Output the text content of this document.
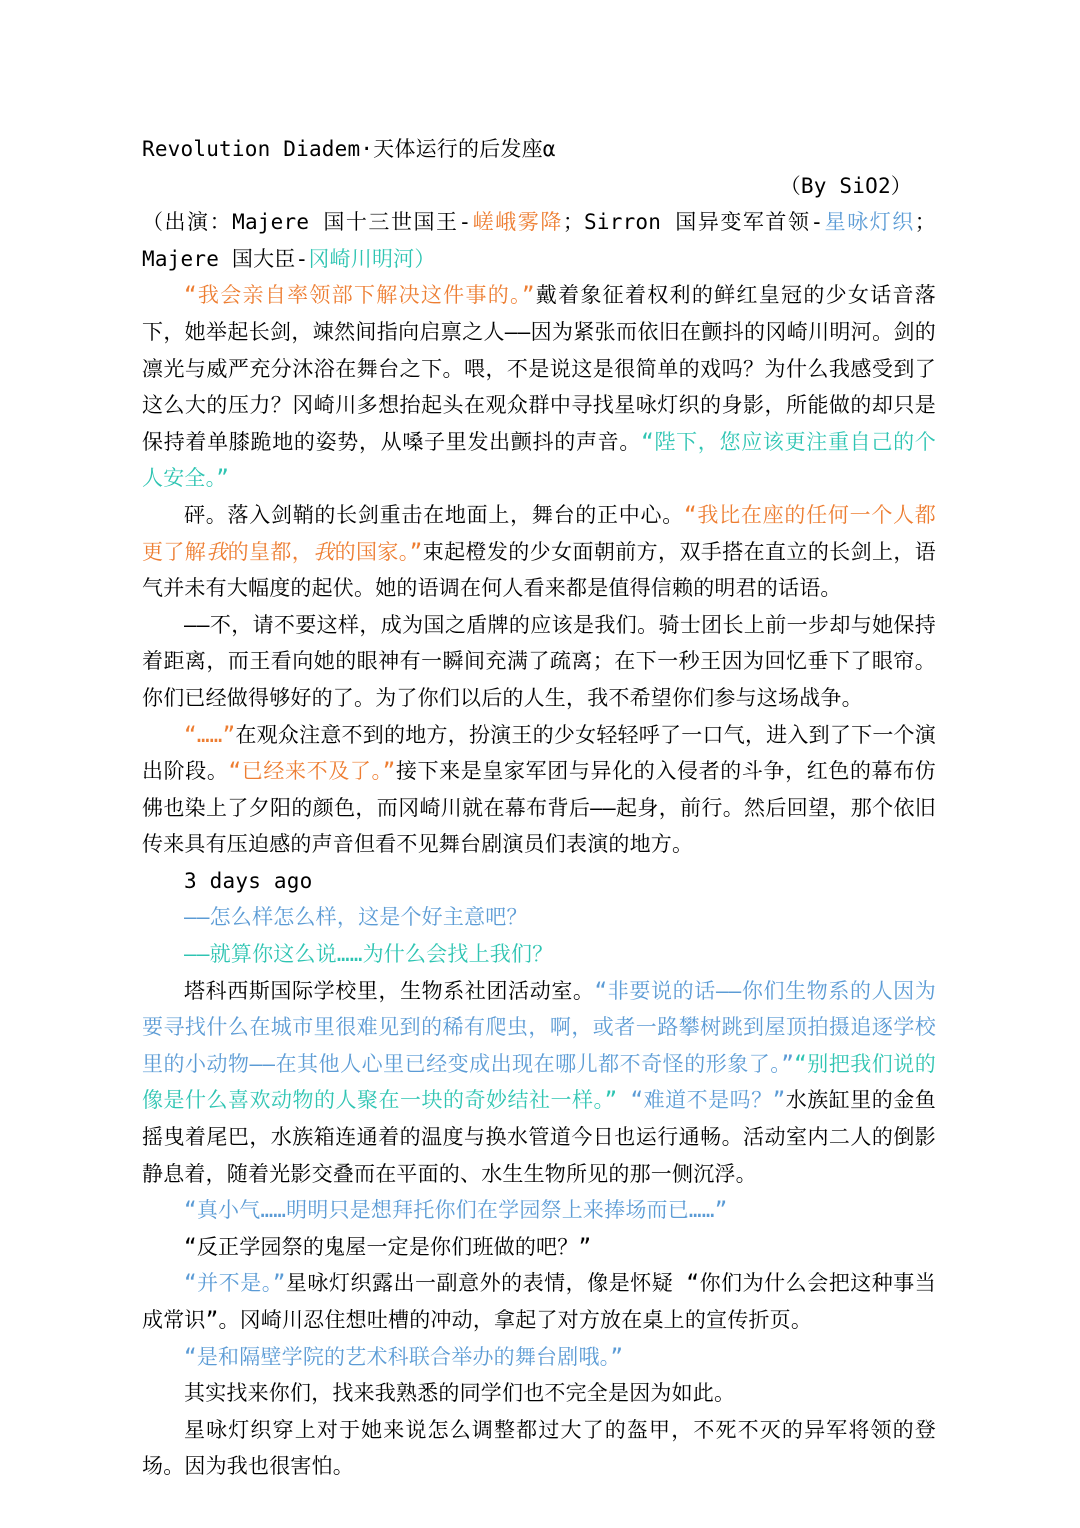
Revolution Diadem·天体运行的后发座α

（By SiO2）

（出演：Majere 国十三世国王-嵯峨雾降；Sirron 国异变军首领-星咏灯织；Majere 国大臣-冈崎川明河）

“我会亲自率领部下解决这件事的。”戴着象征着权利的鲜红皇冠的少女话音落下，她举起长剑，竦然间指向启禀之人——因为紧张而依旧在颤抖的冈崎川明河。剑的凛光与威严充分沐浴在舞台之下。喂，不是说这是很简单的戏吗？为什么我感受到了这么大的压力？冈崎川多想抬起头在观众群中寻找星咏灯织的身影，所能做的却只是保持着单膝跪地的姿势，从嗓子里发出颤抖的声音。“陛下，您应该更注重自己的个人安全。”

砰。落入剑鞘的长剑重击在地面上，舞台的正中心。“我比在座的任何一个人都更了解我的皇都，我的国家。”束起橙发的少女面朝前方，双手搭在直立的长剑上，语气并未有大幅度的起伏。她的语调在何人看来都是值得信赖的明君的话语。

——不，请不要这样，成为国之盾牌的应该是我们。骑士团长上前一步却与她保持着距离，而王看向她的眼神有一瞬间充满了疏离；在下一秒王因为回忆垂下了眼帘。你们已经做得够好的了。为了你们以后的人生，我不希望你们参与这场战争。

“……”在观众注意不到的地方，扮演王的少女轻轻呼了一口气，进入到了下一个演出阶段。“已经来不及了。”接下来是皇家军团与异化的入侵者的斗争，红色的幕布仿佛也染上了夕阳的颜色，而冈崎川就在幕布背后——起身，前行。然后回望，那个依旧传来具有压迫感的声音但看不见舞台剧演员们表演的地方。

3 days ago

——怎么样怎么样，这是个好主意吧？

——就算你这么说……为什么会找上我们？

塔科西斯国际学校里，生物系社团活动室。“非要说的话——你们生物系的人因为要寻找什么在城市里很难见到的稀有爬虫，啊，或者一路攀树跳到屋顶拍摄追逐学校里的小动物——在其他人心里已经变成出现在哪儿都不奇怪的形象了。”“别把我们说的像是什么喜欢动物的人聚在一块的奇妙结社一样。” “难道不是吗？”水族缸里的金鱼摇曳着尾巴，水族箱连通着的温度与换水管道今日也运行通畅。活动室内二人的倒影静息着，随着光影交叠而在平面的、水生生物所见的那一侧沉浮。

“真小气……明明只是想拜托你们在学园祭上来捧场而已……”

“反正学园祭的鬼屋一定是你们班做的吧？”

“并不是。”星咏灯织露出一副意外的表情，像是怀疑 “你们为什么会把这种事当成常识”。冈崎川忍住想吐槽的冲动，拿起了对方放在桌上的宣传折页。

“是和隔壁学院的艺术科联合举办的舞台剧哦。”

其实找来你们，找来我熟悉的同学们也不完全是因为如此。

星咏灯织穿上对于她来说怎么调整都过大了的盔甲，不死不灭的异军将领的登场。因为我也很害怕。
